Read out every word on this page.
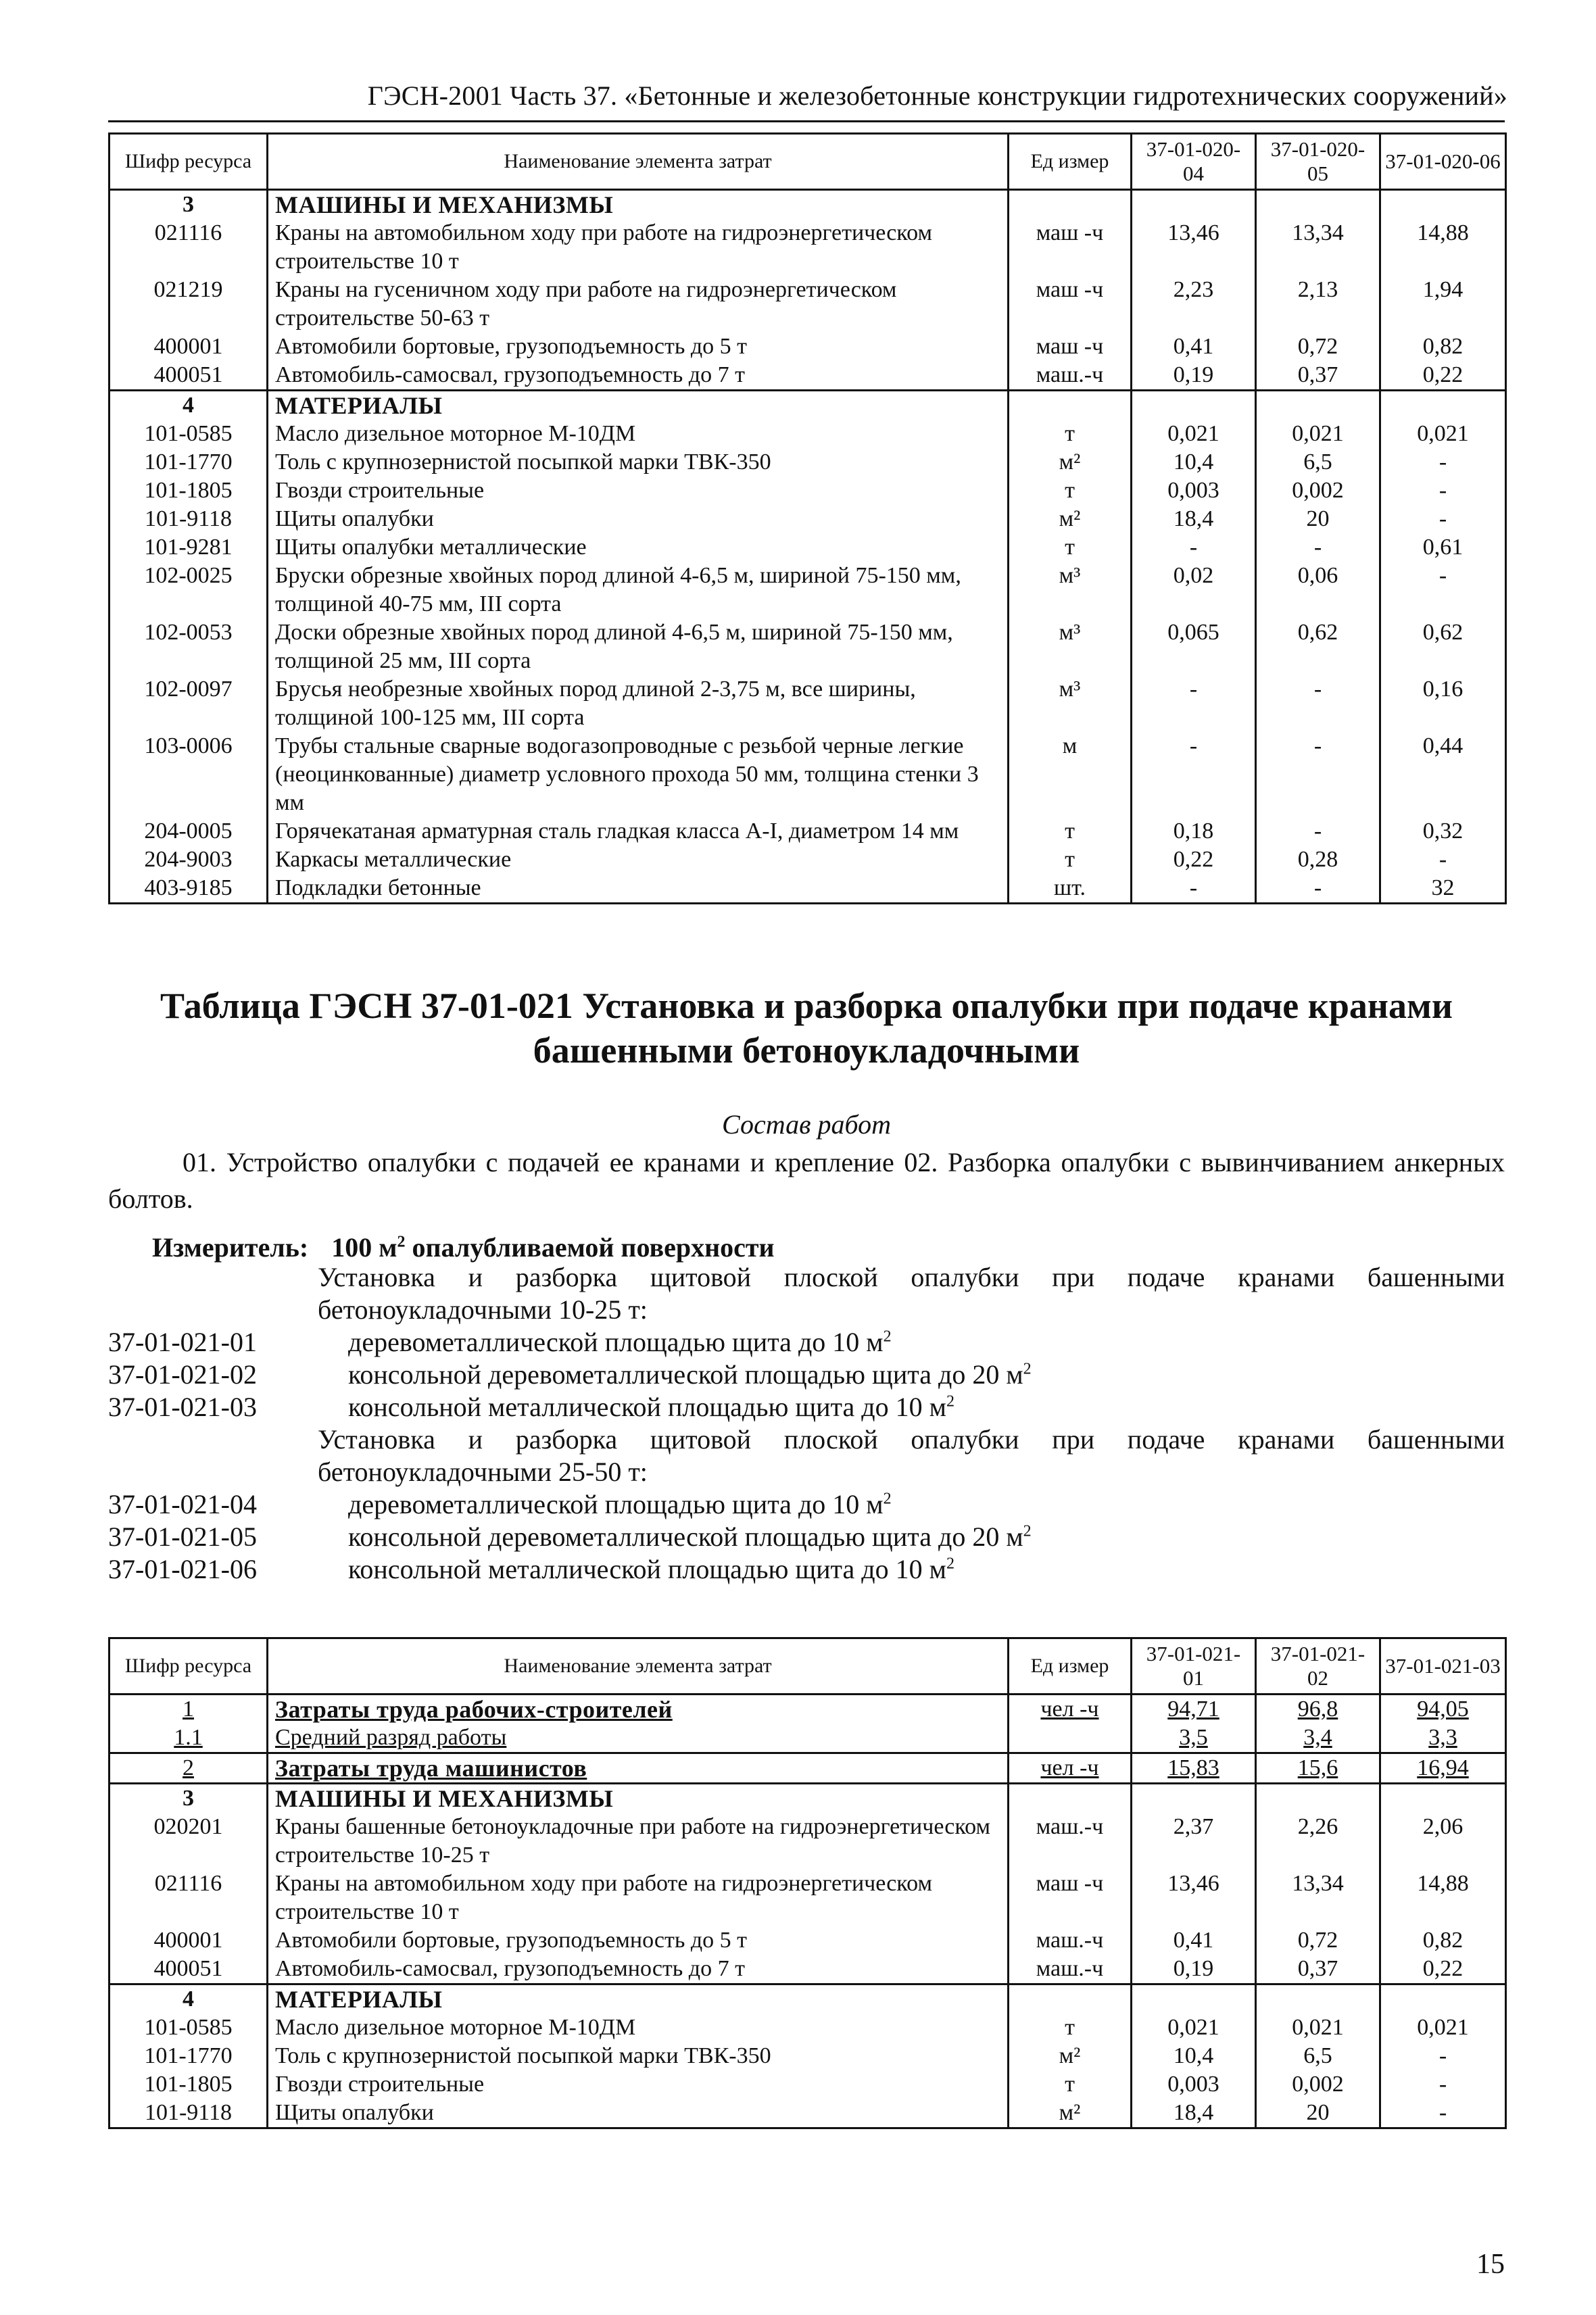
ГЭСН-2001 Часть 37. «Бетонные и железобетонные конструкции гидротехнических сооружений»
Шифр ресурса	Наименование элемента затрат	Ед измер	37-01-020-04	37-01-020-05	37-01-020-06
3	МАШИНЫ И МЕХАНИЗМЫ				
021116	Краны на автомобильном ходу при работе на гидроэнергетическом строительстве 10 т	маш -ч	13,46	13,34	14,88
021219	Краны на гусеничном ходу при работе на гидроэнергетическом строительстве 50-63 т	маш -ч	2,23	2,13	1,94
400001	Автомобили бортовые, грузоподъемность до 5 т	маш -ч	0,41	0,72	0,82
400051	Автомобиль-самосвал, грузоподъемность до 7 т	маш.-ч	0,19	0,37	0,22
4	МАТЕРИАЛЫ				
101-0585	Масло дизельное моторное М-10ДМ	т	0,021	0,021	0,021
101-1770	Толь с крупнозернистой посыпкой марки ТВК-350	м²	10,4	6,5	-
101-1805	Гвозди строительные	т	0,003	0,002	-
101-9118	Щиты опалубки	м²	18,4	20	-
101-9281	Щиты опалубки металлические	т	-	-	0,61
102-0025	Бруски обрезные хвойных пород длиной 4-6,5 м, шириной 75-150 мм, толщиной 40-75 мм, III сорта	м³	0,02	0,06	-
102-0053	Доски обрезные хвойных пород длиной 4-6,5 м, шириной 75-150 мм, толщиной 25 мм, III сорта	м³	0,065	0,62	0,62
102-0097	Брусья необрезные хвойных пород длиной 2-3,75 м, все ширины, толщиной 100-125 мм, III сорта	м³	-	-	0,16
103-0006	Трубы стальные сварные водогазопроводные с резьбой черные легкие (неоцинкованные) диаметр условного прохода 50 мм, толщина стенки 3 мм	м	-	-	0,44
204-0005	Горячекатаная арматурная сталь гладкая класса А-I, диаметром 14 мм	т	0,18	-	0,32
204-9003	Каркасы металлические	т	0,22	0,28	-
403-9185	Подкладки бетонные	шт.	-	-	32
Таблица ГЭСН 37-01-021 Установка и разборка опалубки при подаче кранами башенными бетоноукладочными
Состав работ
01. Устройство опалубки с подачей ее кранами и крепление 02. Разборка опалубки с вывинчиванием анкерных болтов.
Измеритель: 100 $м^2$ опалубливаемой поверхности
Установка и разборка щитовой плоской опалубки при подаче кранами башенными бетоноукладочными 10-25 т:
37-01-021-01	деревометаллической площадью щита до 10 $м^2$
37-01-021-02	консольной деревометаллической площадью щита до 20 $м^2$
37-01-021-03	консольной металлической площадью щита до 10 $м^2$
Установка и разборка щитовой плоской опалубки при подаче кранами башенными бетоноукладочными 25-50 т:
37-01-021-04	деревометаллической площадью щита до 10 $м^2$
37-01-021-05	консольной деревометаллической площадью щита до 20 $м^2$
37-01-021-06	консольной металлической площадью щита до 10 $м^2$
Шифр ресурса	Наименование элемента затрат	Ед измер	37-01-021-01	37-01-021-02	37-01-021-03
1	Затраты труда рабочих-строителей	чел -ч	94,71	96,8	94,05
1.1	Средний разряд работы		3,5	3,4	3,3
2	Затраты труда машинистов	чел -ч	15,83	15,6	16,94
3	МАШИНЫ И МЕХАНИЗМЫ				
020201	Краны башенные бетоноукладочные при работе на гидроэнергетическом строительстве 10-25 т	маш.-ч	2,37	2,26	2,06
021116	Краны на автомобильном ходу при работе на гидроэнергетическом строительстве 10 т	маш -ч	13,46	13,34	14,88
400001	Автомобили бортовые, грузоподъемность до 5 т	маш.-ч	0,41	0,72	0,82
400051	Автомобиль-самосвал, грузоподъемность до 7 т	маш.-ч	0,19	0,37	0,22
4	МАТЕРИАЛЫ				
101-0585	Масло дизельное моторное М-10ДМ	т	0,021	0,021	0,021
101-1770	Толь с крупнозернистой посыпкой марки ТВК-350	м²	10,4	6,5	-
101-1805	Гвозди строительные	т	0,003	0,002	-
101-9118	Щиты опалубки	м²	18,4	20	-
15
